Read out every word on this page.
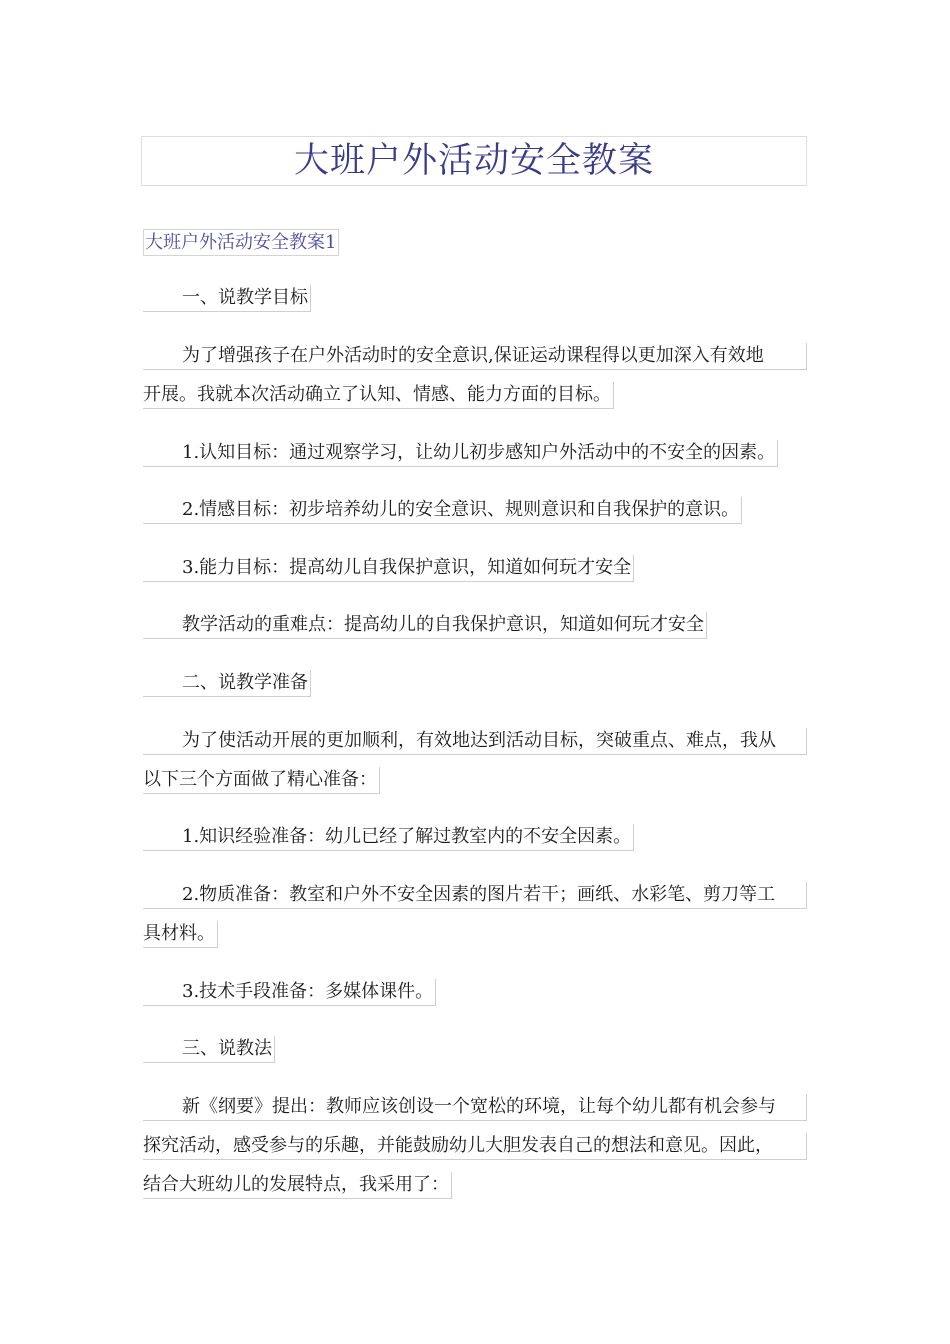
大班户外活动安全教案
大班户外活动安全教案1
一、说教学目标
为了增强孩子在户外活动时的安全意识,保证运动课程得以更加深入有效地
开展。我就本次活动确立了认知、情感、能力方面的目标。
1.认知目标：通过观察学习，让幼儿初步感知户外活动中的不安全的因素。
2.情感目标：初步培养幼儿的安全意识、规则意识和自我保护的意识。
3.能力目标：提高幼儿自我保护意识，知道如何玩才安全
教学活动的重难点：提高幼儿的自我保护意识，知道如何玩才安全
二、说教学准备
为了使活动开展的更加顺利，有效地达到活动目标，突破重点、难点，我从
以下三个方面做了精心准备：
1.知识经验准备：幼儿已经了解过教室内的不安全因素。
2.物质准备：教室和户外不安全因素的图片若干；画纸、水彩笔、剪刀等工
具材料。
3.技术手段准备：多媒体课件。
三、说教法
新《纲要》提出：教师应该创设一个宽松的环境，让每个幼儿都有机会参与
探究活动，感受参与的乐趣，并能鼓励幼儿大胆发表自己的想法和意见。因此，
结合大班幼儿的发展特点，我采用了：
